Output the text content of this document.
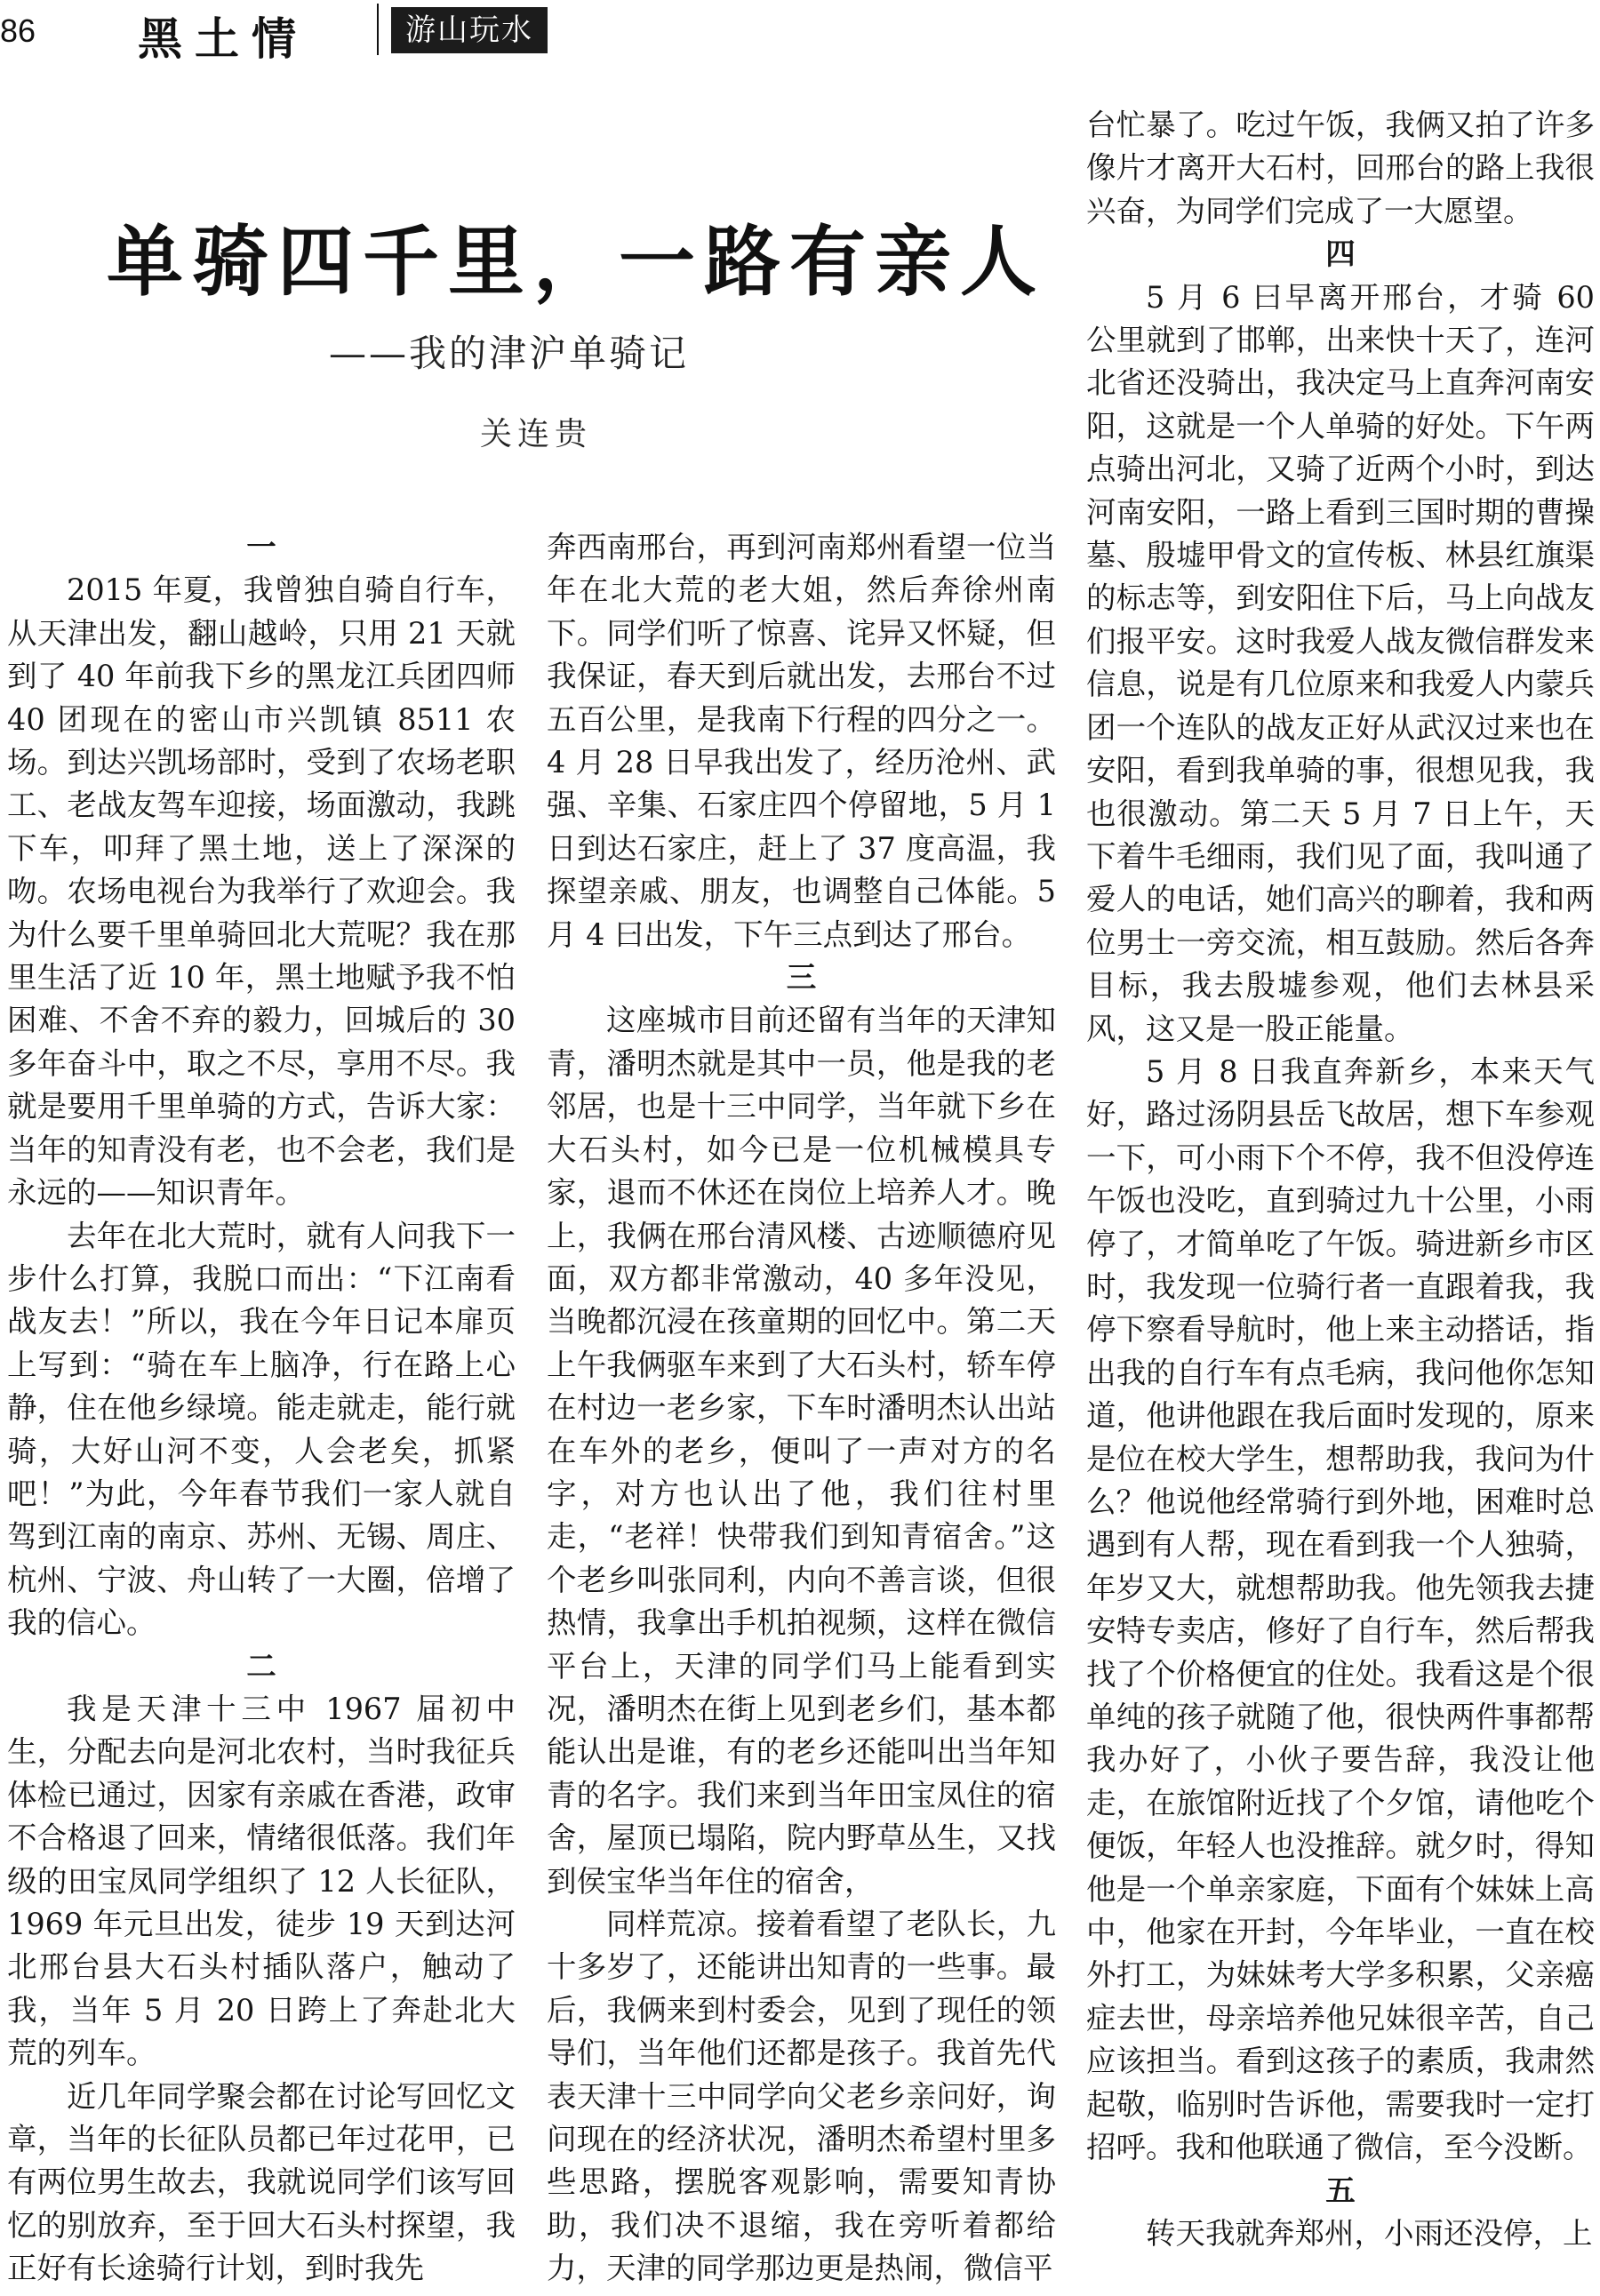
86 黑土情	游山玩水
单骑四千里，一路有亲人
——我的津沪单骑记
关连贵

一

2015 年夏，我曾独自骑自行车，从天津出发，翻山越岭，只用 21 天就到了 40 年前我下乡的黑龙江兵团四师 40 团现在的密山市兴凯镇 8511 农场。到达兴凯场部时，受到了农场老职工、老战友驾车迎接，场面激动，我跳下车，叩拜了黑土地，送上了深深的吻。农场电视台为我举行了欢迎会。我为什么要千里单骑回北大荒呢？我在那里生活了近 10 年，黑土地赋予我不怕困难、不舍不弃的毅力，回城后的 30 多年奋斗中，取之不尽，享用不尽。我就是要用千里单骑的方式，告诉大家：当年的知青没有老，也不会老，我们是永远的——知识青年。

去年在北大荒时，就有人问我下一步什么打算，我脱口而出：“下江南看战友去！”所以，我在今年日记本扉页上写到：“骑在车上脑净，行在路上心静，住在他乡绿境。能走就走，能行就骑，大好山河不变，人会老矣，抓紧吧！”为此，今年春节我们一家人就自驾到江南的南京、苏州、无锡、周庄、杭州、宁波、舟山转了一大圈，倍增了我的信心。

二

我是天津十三中 1967 届初中生，分配去向是河北农村，当时我征兵体检已通过，因家有亲戚在香港，政审不合格退了回来，情绪很低落。我们年级的田宝凤同学组织了 12 人长征队，1969 年元旦出发，徒步 19 天到达河北邢台县大石头村插队落户，触动了我，当年 5 月 20 日跨上了奔赴北大荒的列车。

近几年同学聚会都在讨论写回忆文章，当年的长征队员都已年过花甲，已有两位男生故去，我就说同学们该写回忆的别放弃，至于回大石头村探望，我正好有长途骑行计划，到时我先

奔西南邢台，再到河南郑州看望一位当年在北大荒的老大姐，然后奔徐州南下。同学们听了惊喜、诧异又怀疑，但我保证，春天到后就出发，去邢台不过五百公里，是我南下行程的四分之一。4 月 28 日早我出发了，经历沧州、武强、辛集、石家庄四个停留地，5 月 1 日到达石家庄，赶上了 37 度高温，我探望亲戚、朋友，也调整自己体能。5 月 4 曰出发，下午三点到达了邢台。

三

这座城市目前还留有当年的天津知青，潘明杰就是其中一员，他是我的老邻居，也是十三中同学，当年就下乡在大石头村，如今已是一位机械模具专家，退而不休还在岗位上培养人才。晚上，我俩在邢台清风楼、古迹顺德府见面，双方都非常激动，40 多年没见，当晚都沉浸在孩童期的回忆中。第二天上午我俩驱车来到了大石头村，轿车停在村边一老乡家，下车时潘明杰认出站在车外的老乡，便叫了一声对方的名字，对方也认出了他，我们往村里走，“老祥！快带我们到知青宿舍。”这个老乡叫张同利，内向不善言谈，但很热情，我拿出手机拍视频，这样在微信平台上，天津的同学们马上能看到实况，潘明杰在街上见到老乡们，基本都能认出是谁，有的老乡还能叫出当年知青的名字。我们来到当年田宝凤住的宿舍，屋顶已塌陷，院内野草丛生，又找到侯宝华当年住的宿舍，

同样荒凉。接着看望了老队长，九十多岁了，还能讲出知青的一些事。最后，我俩来到村委会，见到了现任的领导们，当年他们还都是孩子。我首先代表天津十三中同学向父老乡亲问好，询问现在的经济状况，潘明杰希望村里多些思路，摆脱客观影响，需要知青协助，我们决不退缩，我在旁听着都给力，天津的同学那边更是热闹，微信平

台忙暴了。吃过午饭，我俩又拍了许多像片才离开大石村，回邢台的路上我很兴奋，为同学们完成了一大愿望。

四

5 月 6 曰早离开邢台，才骑 60 公里就到了邯郸，出来快十天了，连河北省还没骑出，我决定马上直奔河南安阳，这就是一个人单骑的好处。下午两点骑出河北，又骑了近两个小时，到达河南安阳，一路上看到三国时期的曹操墓、殷墟甲骨文的宣传板、林县红旗渠的标志等，到安阳住下后，马上向战友们报平安。这时我爱人战友微信群发来信息，说是有几位原来和我爱人内蒙兵团一个连队的战友正好从武汉过来也在安阳，看到我单骑的事，很想见我，我也很激动。第二天 5 月 7 日上午，天下着牛毛细雨，我们见了面，我叫通了爱人的电话，她们高兴的聊着，我和两位男士一旁交流，相互鼓励。然后各奔目标，我去殷墟参观，他们去林县采风，这又是一股正能量。

5 月 8 日我直奔新乡，本来天气好，路过汤阴县岳飞故居，想下车参观一下，可小雨下个不停，我不但没停连午饭也没吃，直到骑过九十公里，小雨停了，才简单吃了午饭。骑进新乡市区时，我发现一位骑行者一直跟着我，我停下察看导航时，他上来主动搭话，指出我的自行车有点毛病，我问他你怎知道，他讲他跟在我后面时发现的，原来是位在校大学生，想帮助我，我问为什么？他说他经常骑行到外地，困难时总遇到有人帮，现在看到我一个人独骑，年岁又大，就想帮助我。他先领我去捷安特专卖店，修好了自行车，然后帮我找了个价格便宜的住处。我看这是个很单纯的孩子就随了他，很快两件事都帮我办好了，小伙子要告辞，我没让他走，在旅馆附近找了个夕馆，请他吃个便饭，年轻人也没推辞。就夕时，得知他是一个单亲家庭，下面有个妹妹上高中，他家在开封，今年毕业，一直在校外打工，为妹妹考大学多积累，父亲癌症去世，母亲培养他兄妹很辛苦，自己应该担当。看到这孩子的素质，我肃然起敬，临别时告诉他，需要我时一定打招呼。我和他联通了微信，至今没断。

五

转天我就奔郑州，小雨还没停，上
